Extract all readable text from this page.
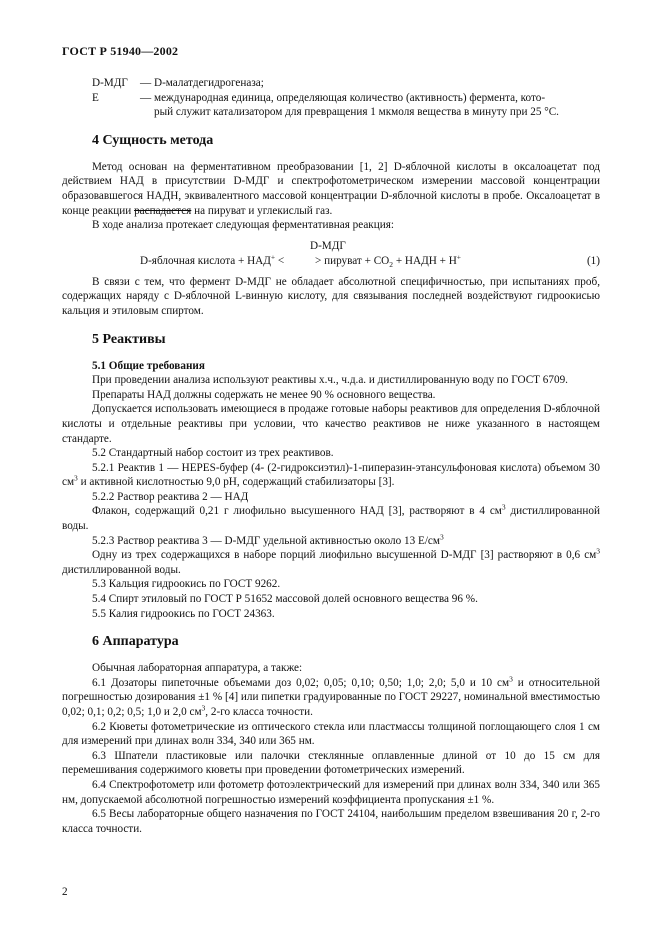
ГОСТ Р 51940—2002
D-МДГ	— D-малатдегидрогеназа;
Е	— международная единица, определяющая количество (активность) фермента, кото-
рый служит катализатором для превращения 1 мкмоля вещества в минуту при 25 °С.
4 Сущность метода

Метод основан на ферментативном преобразовании [1, 2] D-яблочной кислоты в оксалоацетат под действием НАД в присутствии D-МДГ и спектрофотометрическом измерении массовой концентрации образовавшегося НАДН, эквивалентного массовой концентрации D-яблочной кислоты в пробе. Оксалоацетат в конце реакции распадается на пируват и углекислый газ.

В ходе анализа протекает следующая ферментативная реакция:

D-МДГ
D-яблочная кислота + НАД+ <           > пируват + $СО_2$ + НАДН + Н+	(1)

В связи с тем, что фермент D-МДГ не обладает абсолютной специфичностью, при испытаниях проб, содержащих наряду с D-яблочной L-винную кислоту, для связывания последней воздействуют гидроокисью кальция и этиловым спиртом.

5 Реактивы
5.1 Общие требования

При проведении анализа используют реактивы х.ч., ч.д.а. и дистиллированную воду по ГОСТ 6709.

Препараты НАД должны содержать не менее 90 % основного вещества.

Допускается использовать имеющиеся в продаже готовые наборы реактивов для определения D-яблочной кислоты и отдельные реактивы при условии, что качество реактивов не ниже указанного в настоящем стандарте.

5.2 Стандартный набор состоит из трех реактивов.

5.2.1 Реактив 1 — HEPES-буфер (4- (2-гидроксиэтил)-1-пиперазин-этансульфоновая кислота) объемом 30 $см^3$ и активной кислотностью 9,0 pH, содержащий стабилизаторы [3].

5.2.2 Раствор реактива 2 — НАД

Флакон, содержащий 0,21 г лиофильно высушенного НАД [3], растворяют в 4 $см^3$ дистиллированной воды.

5.2.3 Раствор реактива 3 — D-МДГ удельной активностью около 13 $Е/см^3$

Одну из трех содержащихся в наборе порций лиофильно высушенной D-МДГ [3] растворяют в 0,6 $см^3$ дистиллированной воды.

5.3 Кальция гидроокись по ГОСТ 9262.

5.4 Спирт этиловый по ГОСТ Р 51652 массовой долей основного вещества 96 %.

5.5 Калия гидроокись по ГОСТ 24363.

6 Аппаратура

Обычная лабораторная аппаратура, а также:

6.1 Дозаторы пипеточные объемами доз 0,02; 0,05; 0,10; 0,50; 1,0; 2,0; 5,0 и 10 $см^3$ и относительной погрешностью дозирования ±1 % [4] или пипетки градуированные по ГОСТ 29227, номинальной вместимостью 0,02; 0,1; 0,2; 0,5; 1,0 и 2,0 $см^3$, 2-го класса точности.

6.2 Кюветы фотометрические из оптического стекла или пластмассы толщиной поглощающего слоя 1 см для измерений при длинах волн 334, 340 или 365 нм.

6.3 Шпатели пластиковые или палочки стеклянные оплавленные длиной от 10 до 15 см для перемешивания содержимого кюветы при проведении фотометрических измерений.

6.4 Спектрофотометр или фотометр фотоэлектрический для измерений при длинах волн 334, 340 или 365 нм, допускаемой абсолютной погрешностью измерений коэффициента пропускания ±1 %.

6.5 Весы лабораторные общего назначения по ГОСТ 24104, наибольшим пределом взвешивания 20 г, 2-го класса точности.

2
